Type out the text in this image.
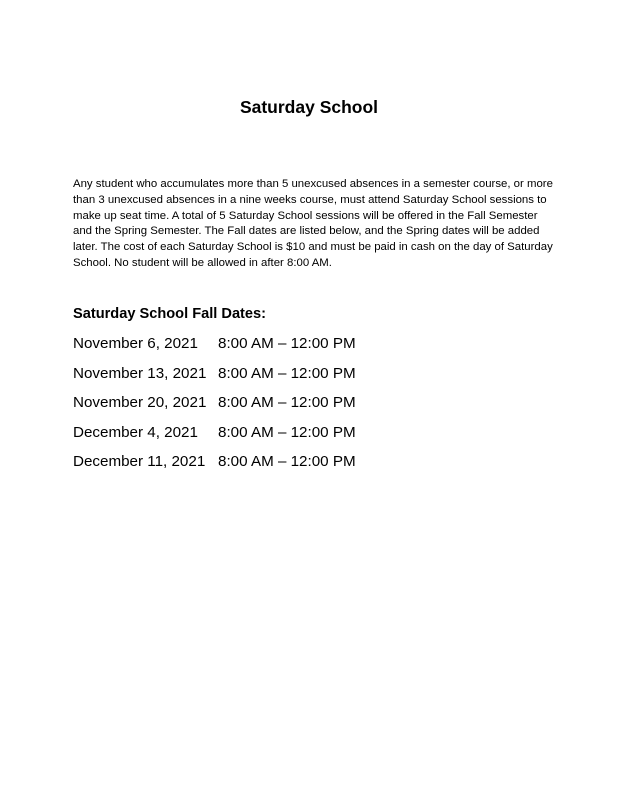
Saturday School

Any student who accumulates more than 5 unexcused absences in a semester course, or more
than 3 unexcused absences in a nine weeks course, must attend Saturday School sessions to
make up seat time. A total of 5 Saturday School sessions will be offered in the Fall Semester
and the Spring Semester. The Fall dates are listed below, and the Spring dates will be added
later. The cost of each Saturday School is $10 and must be paid in cash on the day of Saturday
School. No student will be allowed in after 8:00 AM.

Saturday School Fall Dates:
November 6, 2021 8:00 AM – 12:00 PM
November 13, 2021 8:00 AM – 12:00 PM
November 20, 2021 8:00 AM – 12:00 PM
December 4, 2021 8:00 AM – 12:00 PM
December 11, 2021 8:00 AM – 12:00 PM
